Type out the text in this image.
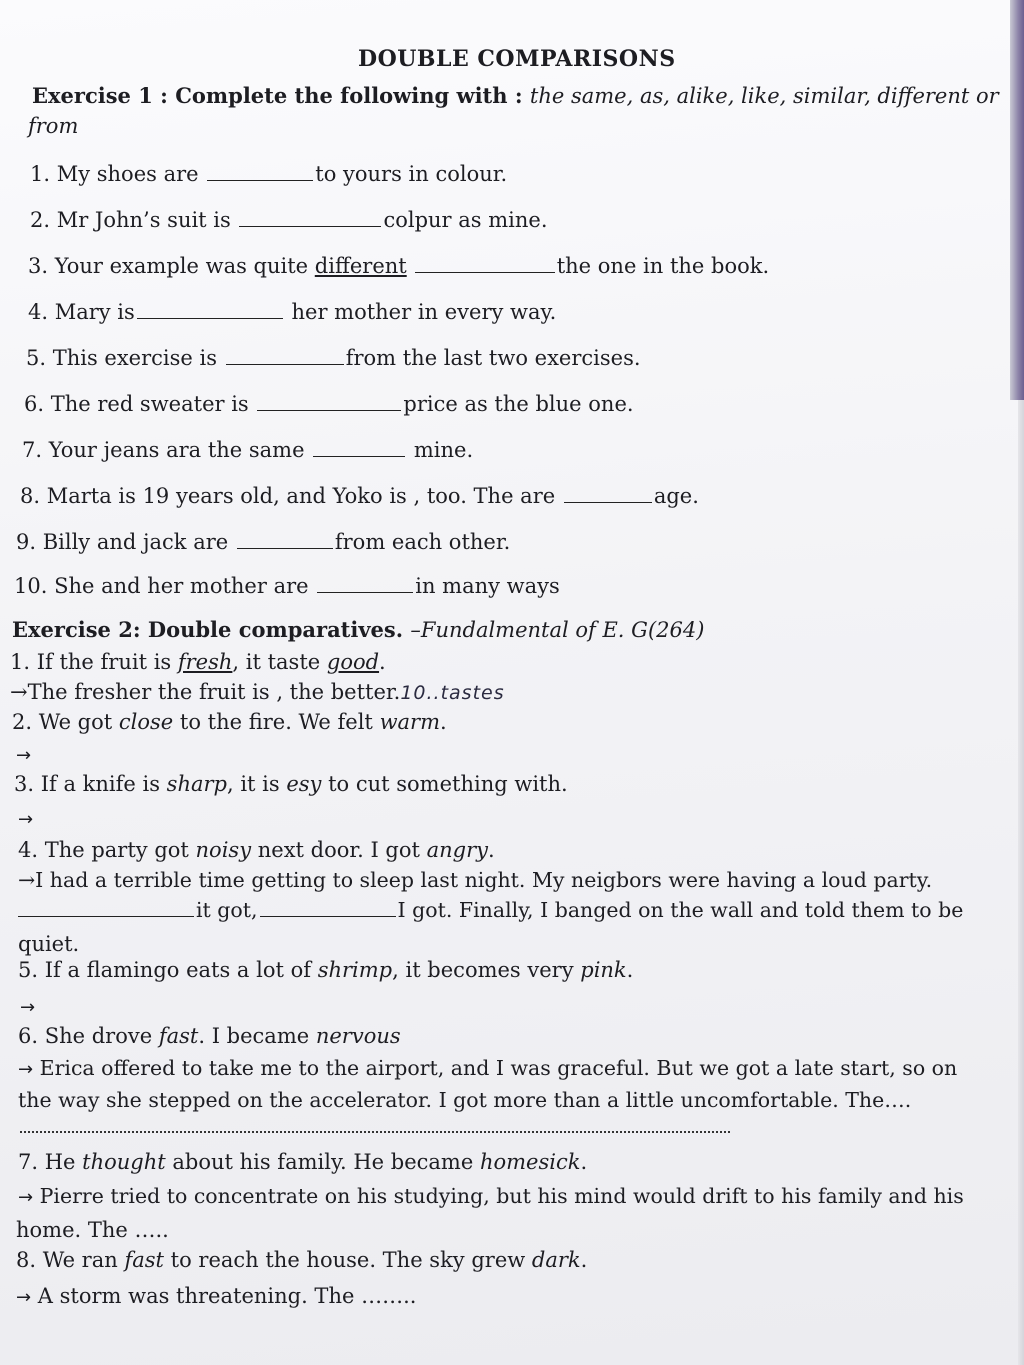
DOUBLE COMPARISONS
Exercise 1 : Complete the following with : the same, as, alike, like, similar, different or
from
1. My shoes are	to yours in colour.
2. Mr John’s suit is	colpur as mine.
3. Your example was quite different	the one in the book.
4. Mary is	her mother in every way.
5. This exercise is	from the last two exercises.
6. The red sweater is	price as the blue one.
7. Your jeans ara the same	mine.
8. Marta is 19 years old, and Yoko is , too. The are	age.
9. Billy and jack are	from each other.
10. She and her mother are	in many ways
Exercise 2: Double comparatives. –Fundalmental of E. G(264)
1. If the fruit is fresh, it taste good.
→The fresher the fruit is , the better.10..tastes
2. We got close to the fire. We felt warm.
→
3. If a knife is sharp, it is esy to cut something with.
→
4. The party got noisy next door. I got angry.
→I had a terrible time getting to sleep last night. My neigbors were having a loud party.
it got,	I got. Finally, I banged on the wall and told them to be
quiet.
5. If a flamingo eats a lot of shrimp, it becomes very pink.
→
6. She drove fast. I became nervous
→ Erica offered to take me to the airport, and I was graceful. But we got a late start, so on
the way she stepped on the accelerator. I got more than a little uncomfortable. The….
7. He thought about his family. He became homesick.
→ Pierre tried to concentrate on his studying, but his mind would drift to his family and his
home. The …..
8. We ran fast to reach the house. The sky grew dark.
→ A storm was threatening. The ……..
